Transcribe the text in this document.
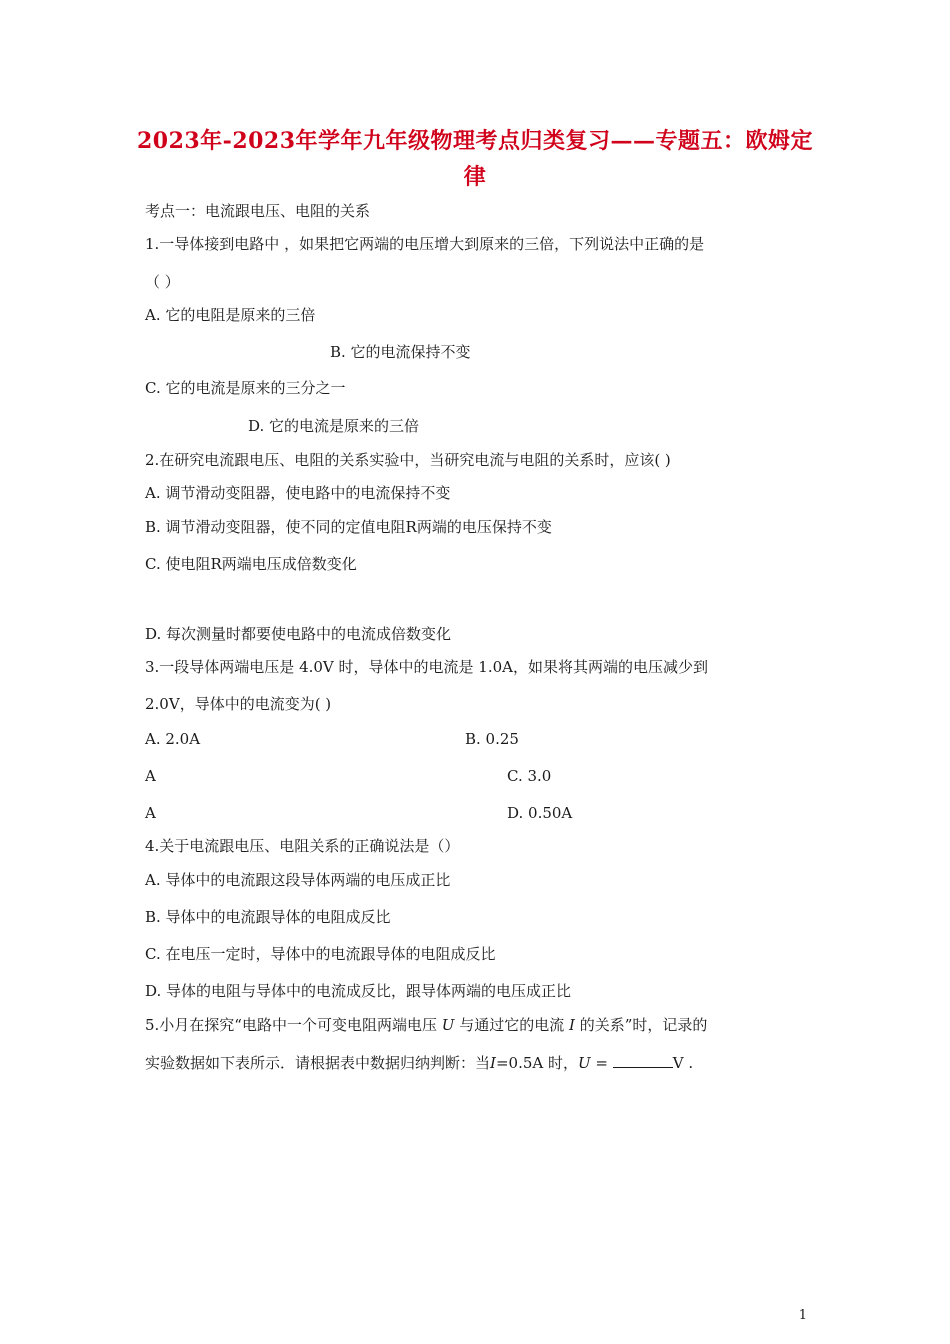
2023年-2023年学年九年级物理考点归类复习——专题五：欧姆定
律
考点一：电流跟电压、电阻的关系
1.一导体接到电路中 ，如果把它两端的电压增大到原来的三倍，下列说法中正确的是
（ ）
A. 它的电阻是原来的三倍
B. 它的电流保持不变
C. 它的电流是原来的三分之一
D. 它的电流是原来的三倍
2.在研究电流跟电压、电阻的关系实验中，当研究电流与电阻的关系时，应该( )
A. 调节滑动变阻器，使电路中的电流保持不变
B. 调节滑动变阻器，使不同的定值电阻R两端的电压保持不变
C. 使电阻R两端电压成倍数变化
D. 每次测量时都要使电路中的电流成倍数变化
3.一段导体两端电压是 4.0V 时，导体中的电流是 1.0A，如果将其两端的电压减少到
2.0V，导体中的电流变为( )
A. 2.0A	B. 0.25
A	C. 3.0
A	D. 0.50A
4.关于电流跟电压、电阻关系的正确说法是（）
A. 导体中的电流跟这段导体两端的电压成正比
B. 导体中的电流跟导体的电阻成反比
C. 在电压一定时，导体中的电流跟导体的电阻成反比
D. 导体的电阻与导体中的电流成反比，跟导体两端的电压成正比
5.小月在探究“电路中一个可变电阻两端电压 U 与通过它的电流 I 的关系”时，记录的
实验数据如下表所示．请根据表中数据归纳判断：当I=0.5A 时，U =	V .
1
